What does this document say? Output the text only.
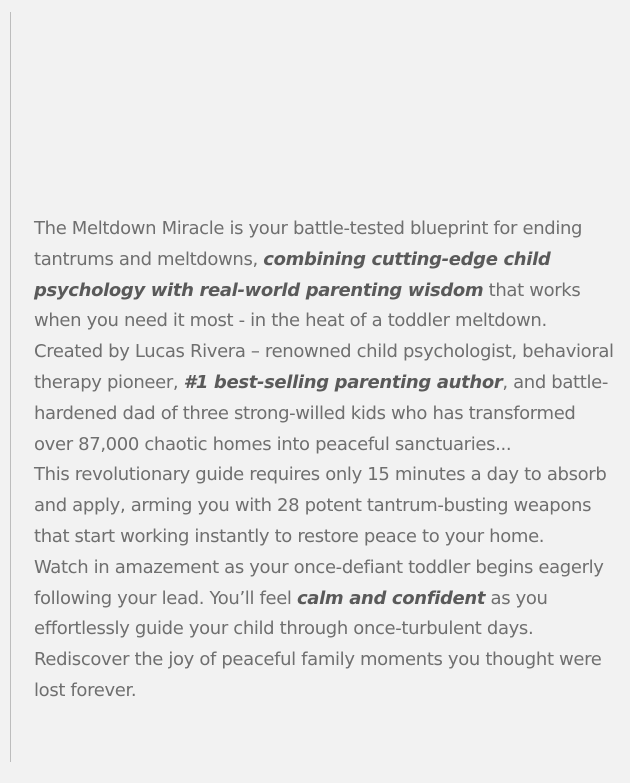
The Meltdown Miracle is your battle-tested blueprint for ending tantrums and meltdowns, combining cutting-edge child psychology with real-world parenting wisdom that works when you need it most - in the heat of a toddler meltdown. Created by Lucas Rivera – renowned child psychologist, behavioral therapy pioneer, #1 best-selling parenting author, and battle-hardened dad of three strong-willed kids who has transformed over 87,000 chaotic homes into peaceful sanctuaries...

This revolutionary guide requires only 15 minutes a day to absorb and apply, arming you with 28 potent tantrum-busting weapons that start working instantly to restore peace to your home.

Watch in amazement as your once-defiant toddler begins eagerly following your lead. You’ll feel calm and confident as you effortlessly guide your child through once-turbulent days. Rediscover the joy of peaceful family moments you thought were lost forever.
